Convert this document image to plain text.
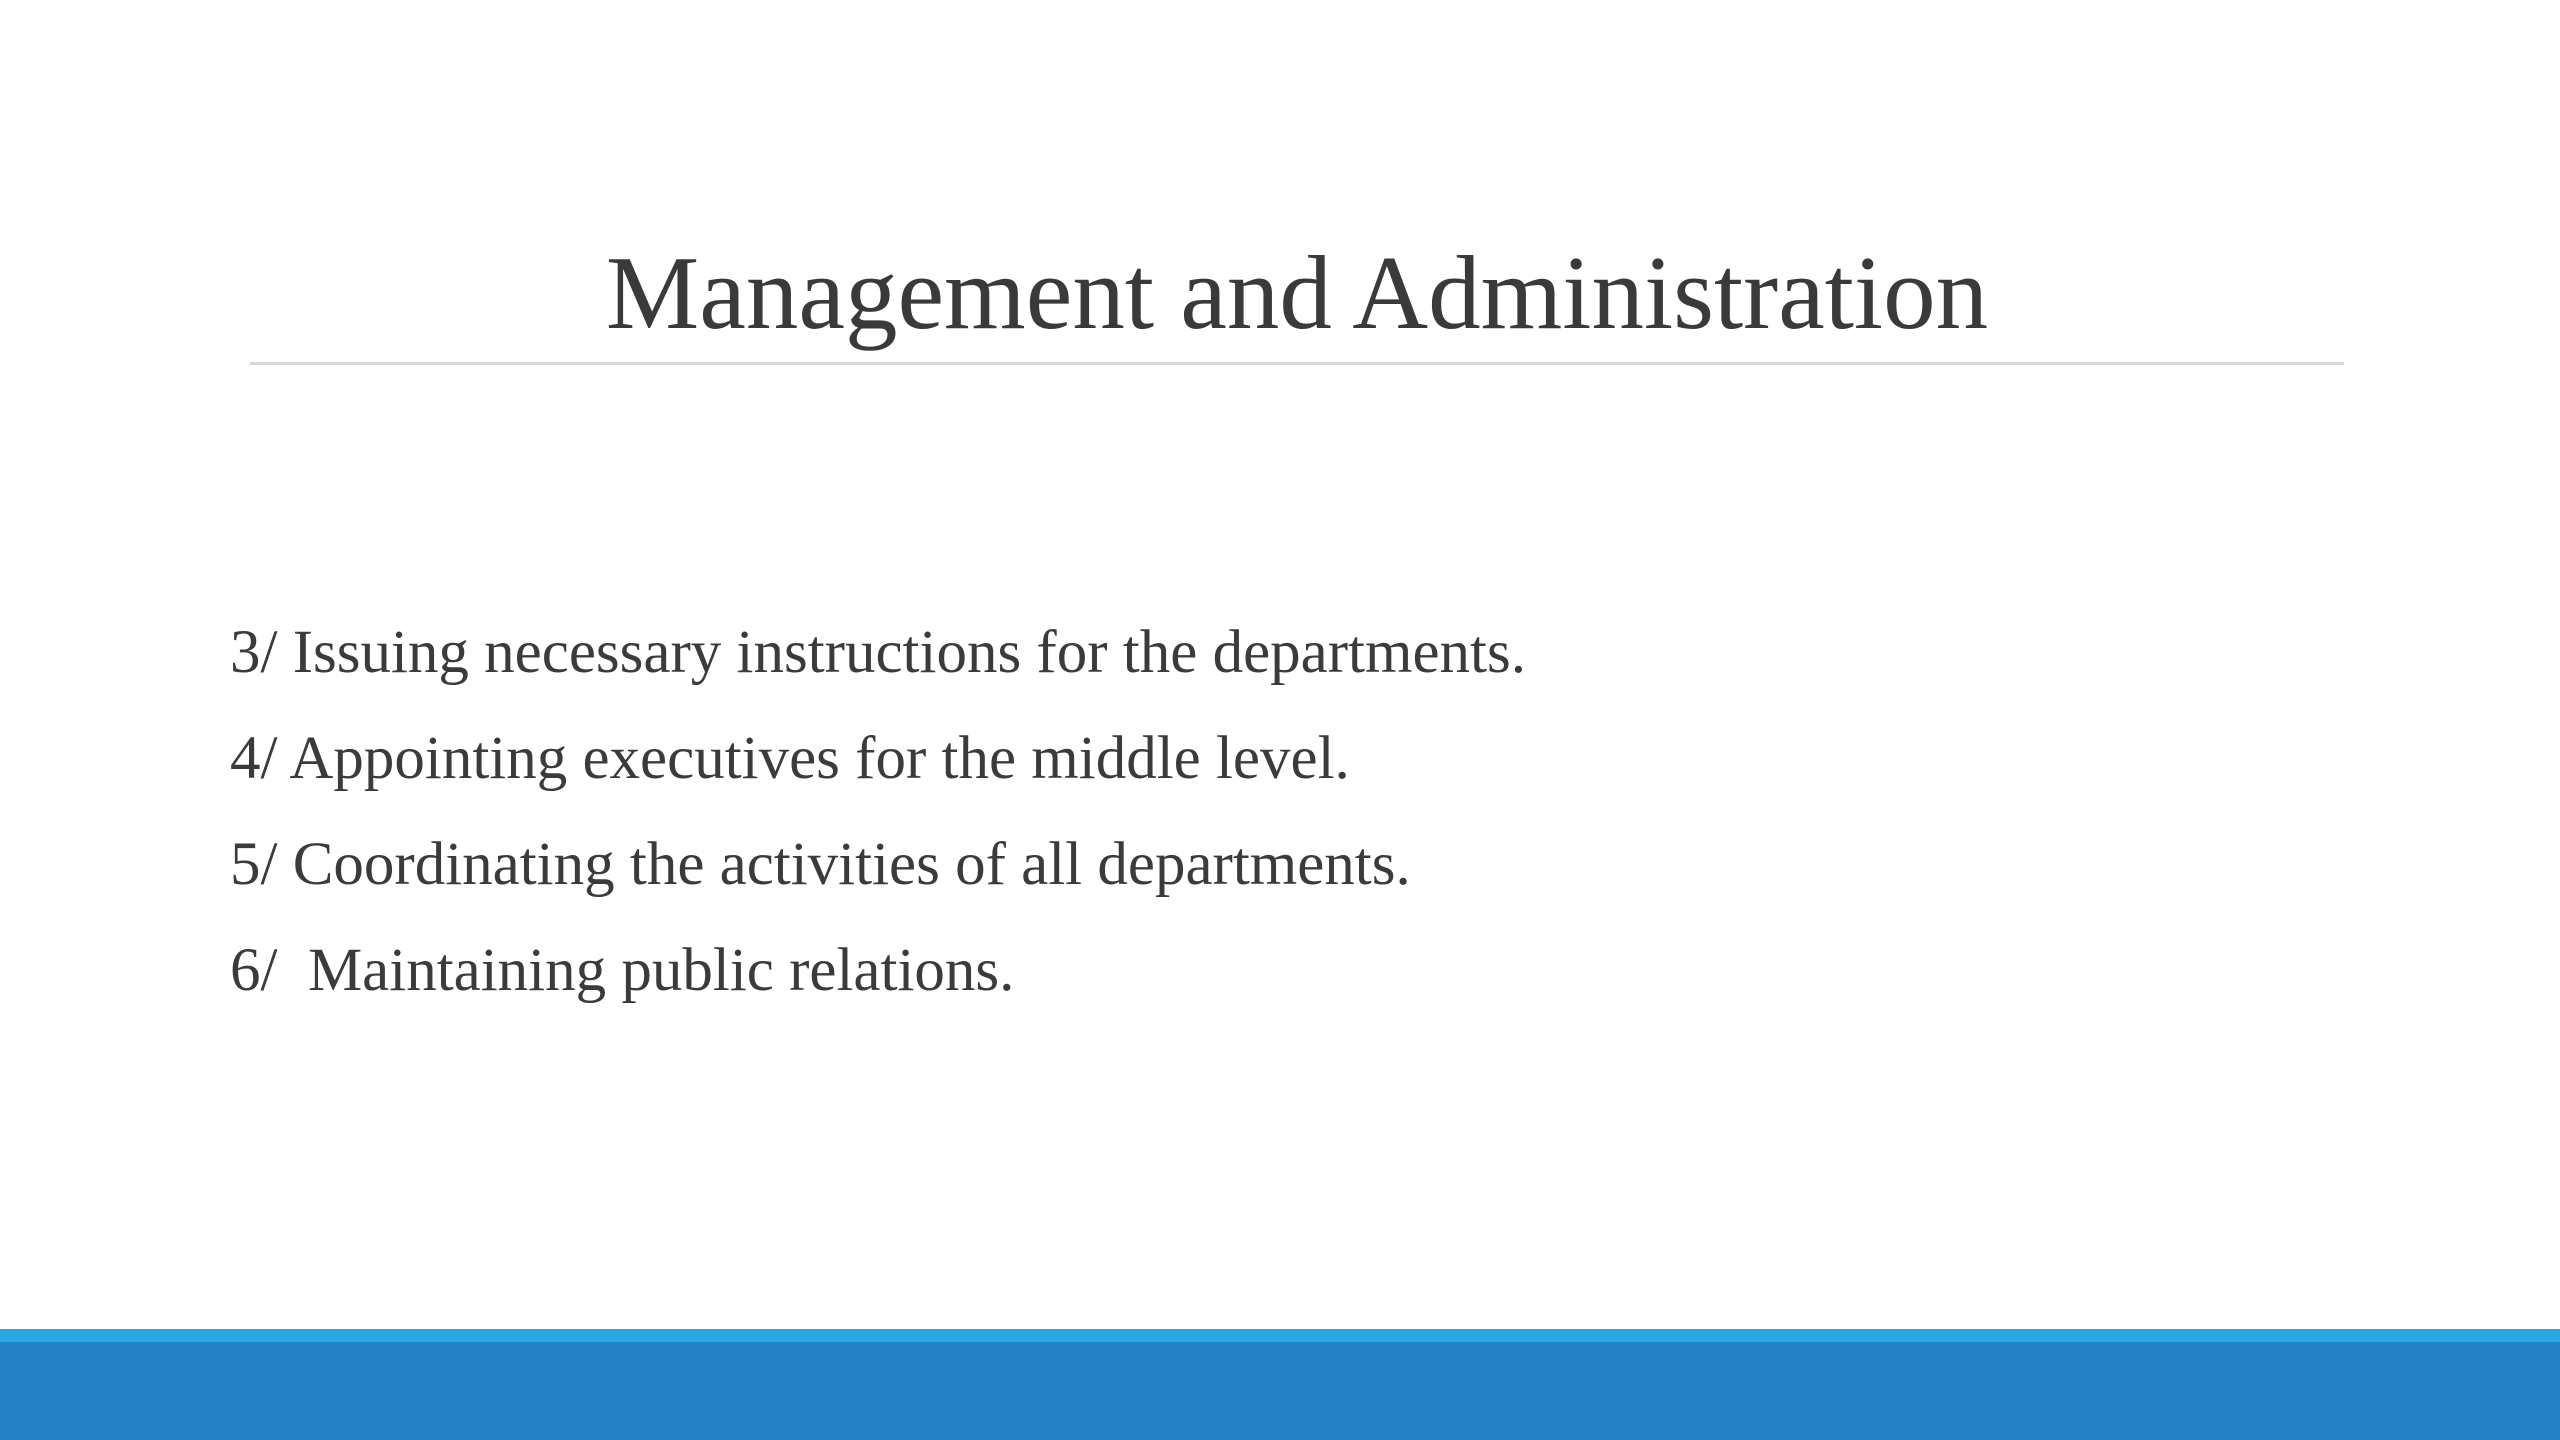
Management and Administration
3/ Issuing necessary instructions for the departments.
4/ Appointing executives for the middle level.
5/ Coordinating the activities of all departments.
6/  Maintaining public relations.
